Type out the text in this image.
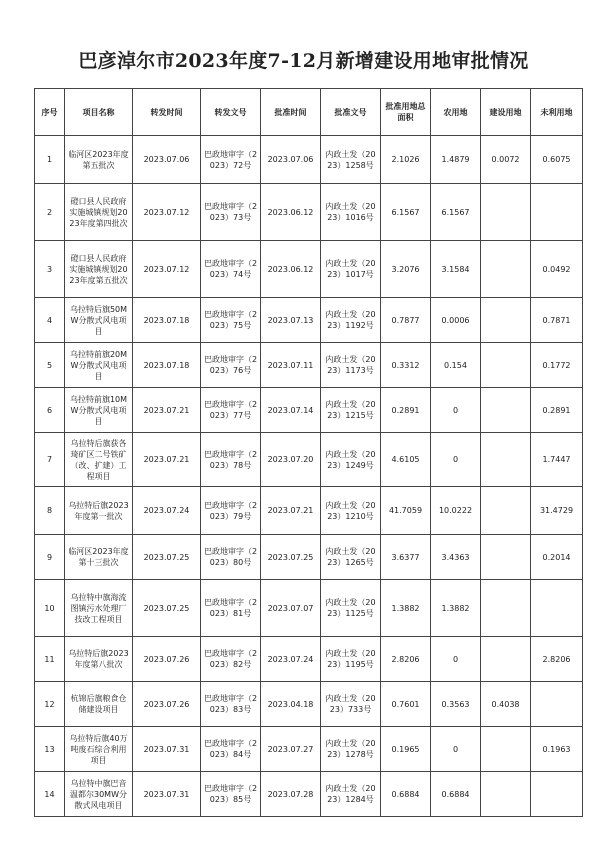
巴彦淖尔市2023年度7-12月新增建设用地审批情况
序号	项目名称	转发时间	转发文号	批准时间	批准文号	批准用地总面积	农用地	建设用地	未利用地
1	临河区2023年度第五批次	2023.07.06	巴政地审字（2023）72号	2023.07.06	内政土发（2023）1258号	2.1026	1.4879	0.0072	0.6075
2	磴口县人民政府实施城镇规划2023年度第四批次	2023.07.12	巴政地审字（2023）73号	2023.06.12	内政土发（2023）1016号	6.1567	6.1567		
3	磴口县人民政府实施城镇规划2023年度第五批次	2023.07.12	巴政地审字（2023）74号	2023.06.12	内政土发（2023）1017号	3.2076	3.1584		0.0492
4	乌拉特后旗50MW分散式风电项目	2023.07.18	巴政地审字（2023）75号	2023.07.13	内政土发（2023）1192号	0.7877	0.0006		0.7871
5	乌拉特前旗20MW分散式风电项目	2023.07.18	巴政地审字（2023）76号	2023.07.11	内政土发（2023）1173号	0.3312	0.154		0.1772
6	乌拉特前旗10MW分散式风电项目	2023.07.21	巴政地审字（2023）77号	2023.07.14	内政土发（2023）1215号	0.2891	0		0.2891
7	乌拉特后旗获各琦矿区二号铁矿（改、扩建）工程项目	2023.07.21	巴政地审字（2023）78号	2023.07.20	内政土发（2023）1249号	4.6105	0		1.7447
8	乌拉特后旗2023年度第一批次	2023.07.24	巴政地审字（2023）79号	2023.07.21	内政土发（2023）1210号	41.7059	10.0222		31.4729
9	临河区2023年度第十三批次	2023.07.25	巴政地审字（2023）80号	2023.07.25	内政土发（2023）1265号	3.6377	3.4363		0.2014
10	乌拉特中旗海流图镇污水处理厂技改工程项目	2023.07.25	巴政地审字（2023）81号	2023.07.07	内政土发（2023）1125号	1.3882	1.3882		
11	乌拉特后旗2023年度第八批次	2023.07.26	巴政地审字（2023）82号	2023.07.24	内政土发（2023）1195号	2.8206	0		2.8206
12	杭锦后旗粮食仓储建设项目	2023.07.26	巴政地审字（2023）83号	2023.04.18	内政土发（2023）733号	0.7601	0.3563	0.4038	
13	乌拉特后旗40万吨废石综合利用项目	2023.07.31	巴政地审字（2023）84号	2023.07.27	内政土发（2023）1278号	0.1965	0		0.1963
14	乌拉特中旗巴音温都尔30MW分散式风电项目	2023.07.31	巴政地审字（2023）85号	2023.07.28	内政土发（2023）1284号	0.6884	0.6884		
